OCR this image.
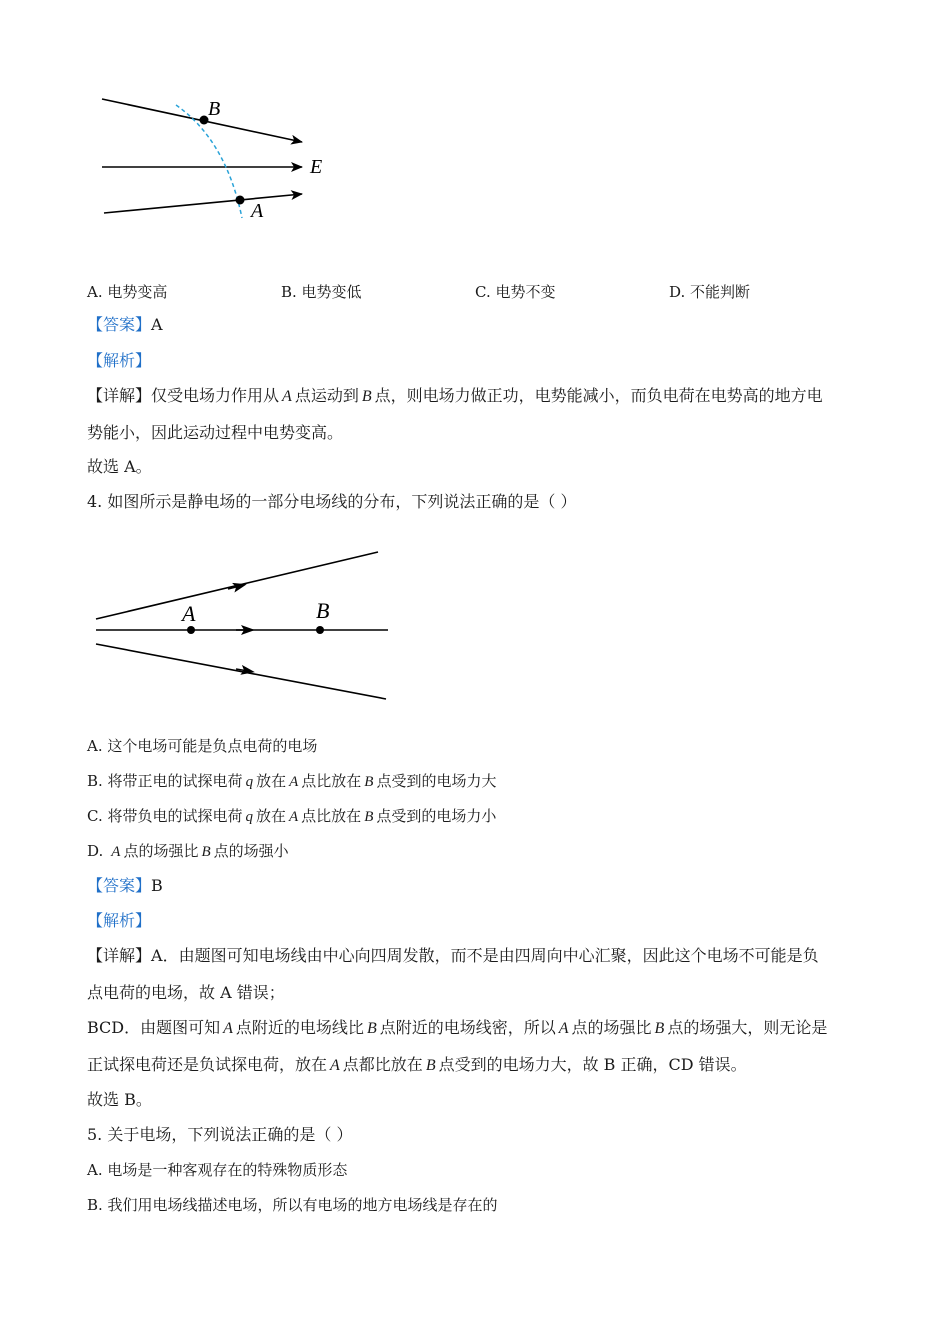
B
E
A
A. 电势变高	B. 电势变低	C. 电势不变	D. 不能判断
【答案】A
【解析】
【详解】仅受电场力作用从 A 点运动到 B 点，则电场力做正功，电势能减小，而负电荷在电势高的地方电
势能小，因此运动过程中电势变高。
故选 A。
4. 如图所示是静电场的一部分电场线的分布，下列说法正确的是（ ）
A	B
A. 这个电场可能是负点电荷的电场
B. 将带正电的试探电荷 q 放在 A 点比放在 B 点受到的电场力大
C. 将带负电的试探电荷 q 放在 A 点比放在 B 点受到的电场力小
D. A 点的场强比 B 点的场强小
【答案】B
【解析】
【详解】A．由题图可知电场线由中心向四周发散，而不是由四周向中心汇聚，因此这个电场不可能是负
点电荷的电场，故 A 错误；
BCD．由题图可知 A 点附近的电场线比 B 点附近的电场线密，所以 A 点的场强比 B 点的场强大，则无论是
正试探电荷还是负试探电荷，放在 A 点都比放在 B 点受到的电场力大，故 B 正确，CD 错误。
故选 B。
5. 关于电场，下列说法正确的是（ ）
A. 电场是一种客观存在的特殊物质形态
B. 我们用电场线描述电场，所以有电场的地方电场线是存在的
